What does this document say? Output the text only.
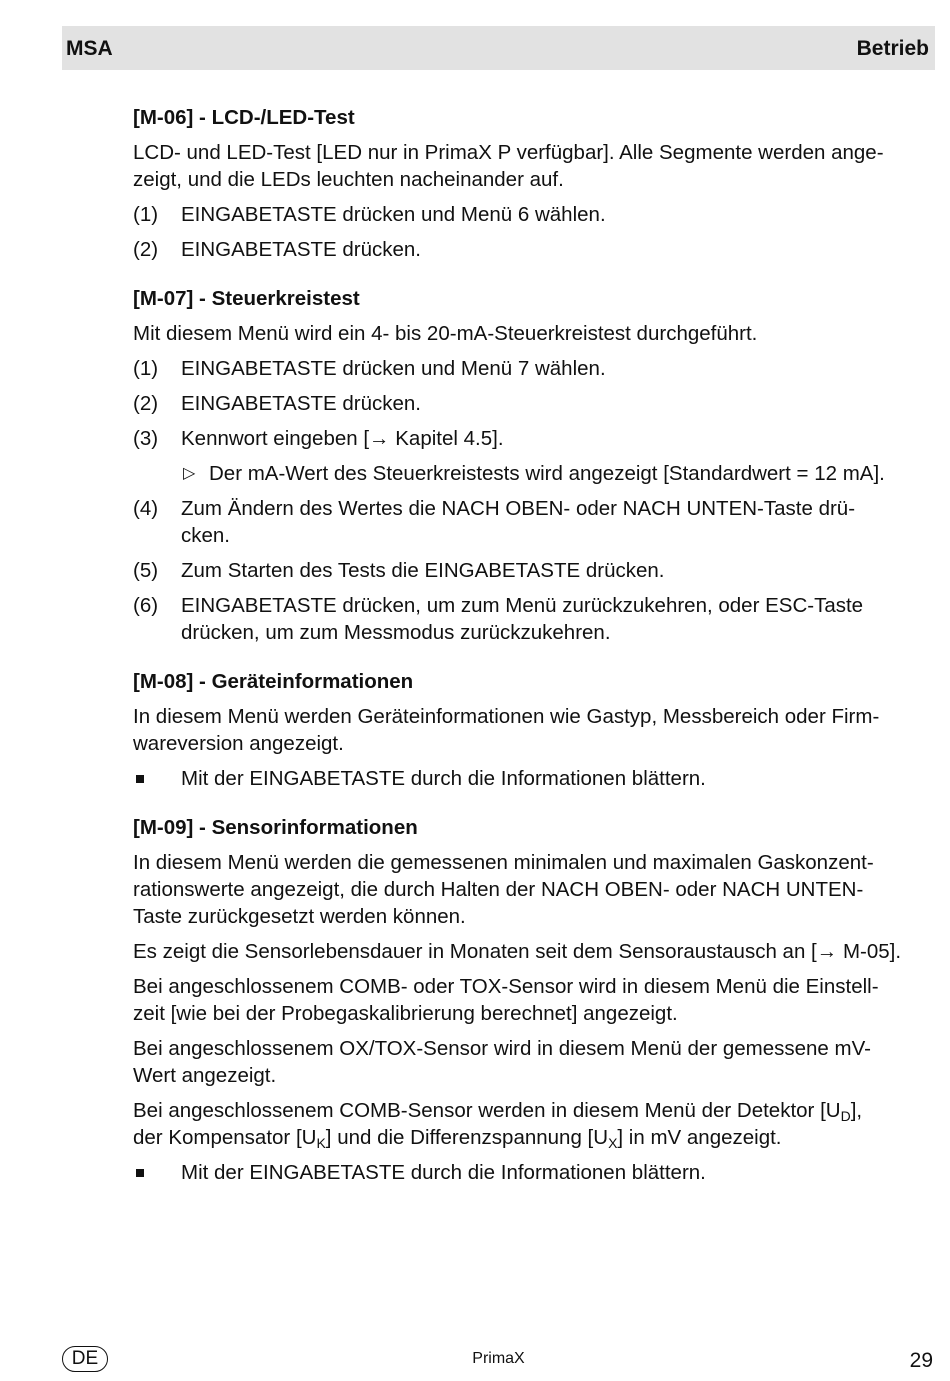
MSA	Betrieb
[M-06] - LCD-/LED-Test
LCD- und LED-Test [LED nur in PrimaX P verfügbar]. Alle Segmente werden ange-
zeigt, und die LEDs leuchten nacheinander auf.
(1) EINGABETASTE drücken und Menü 6 wählen.
(2) EINGABETASTE drücken.
[M-07] - Steuerkreistest
Mit diesem Menü wird ein 4- bis 20-mA-Steuerkreistest durchgeführt.
(1) EINGABETASTE drücken und Menü 7 wählen.
(2) EINGABETASTE drücken.
(3) Kennwort eingeben [→ Kapitel 4.5].
▷ Der mA-Wert des Steuerkreistests wird angezeigt [Standardwert = 12 mA].
(4) Zum Ändern des Wertes die NACH OBEN- oder NACH UNTEN-Taste drü-
cken.
(5) Zum Starten des Tests die EINGABETASTE drücken.
(6) EINGABETASTE drücken, um zum Menü zurückzukehren, oder ESC-Taste
drücken, um zum Messmodus zurückzukehren.
[M-08] - Geräteinformationen
In diesem Menü werden Geräteinformationen wie Gastyp, Messbereich oder Firm-
wareversion angezeigt.
Mit der EINGABETASTE durch die Informationen blättern.
[M-09] - Sensorinformationen
In diesem Menü werden die gemessenen minimalen und maximalen Gaskonzent-
rationswerte angezeigt, die durch Halten der NACH OBEN- oder NACH UNTEN-
Taste zurückgesetzt werden können.
Es zeigt die Sensorlebensdauer in Monaten seit dem Sensoraustausch an [→ M-05].
Bei angeschlossenem COMB- oder TOX-Sensor wird in diesem Menü die Einstell-
zeit [wie bei der Probegaskalibrierung berechnet] angezeigt.
Bei angeschlossenem OX/TOX-Sensor wird in diesem Menü der gemessene mV-
Wert angezeigt.
Bei angeschlossenem COMB-Sensor werden in diesem Menü der Detektor $[U_D]$,
der Kompensator $[U_K]$ und die Differenzspannung $[U_X]$ in mV angezeigt.
Mit der EINGABETASTE durch die Informationen blättern.
DE	PrimaX	29
